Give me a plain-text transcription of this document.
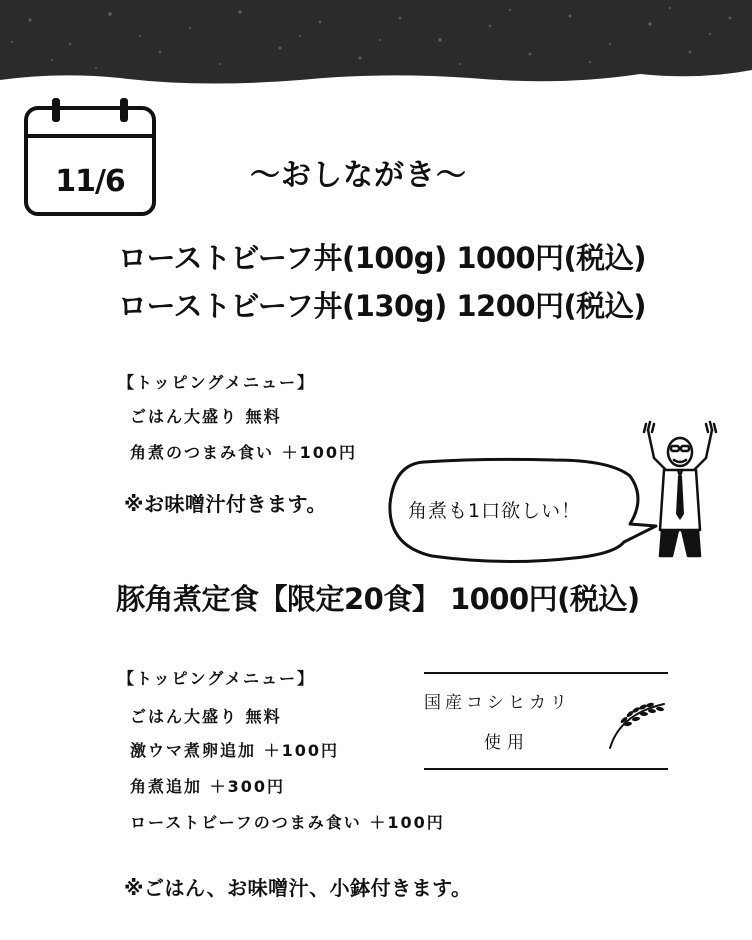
11/6	〜おしながき〜
ローストビーフ丼(100g) 1000円(税込)
ローストビーフ丼(130g) 1200円(税込)
【トッピングメニュー】
ごはん大盛り 無料
角煮のつまみ食い ＋100円
※お味噌汁付きます。	角煮も1口欲しい！
豚角煮定食【限定20食】 1000円(税込)
【トッピングメニュー】
ごはん大盛り 無料
激ウマ煮卵追加 ＋100円
角煮追加 ＋300円
ローストビーフのつまみ食い ＋100円
国産コシヒカリ
使用
※ごはん、お味噌汁、小鉢付きます。
